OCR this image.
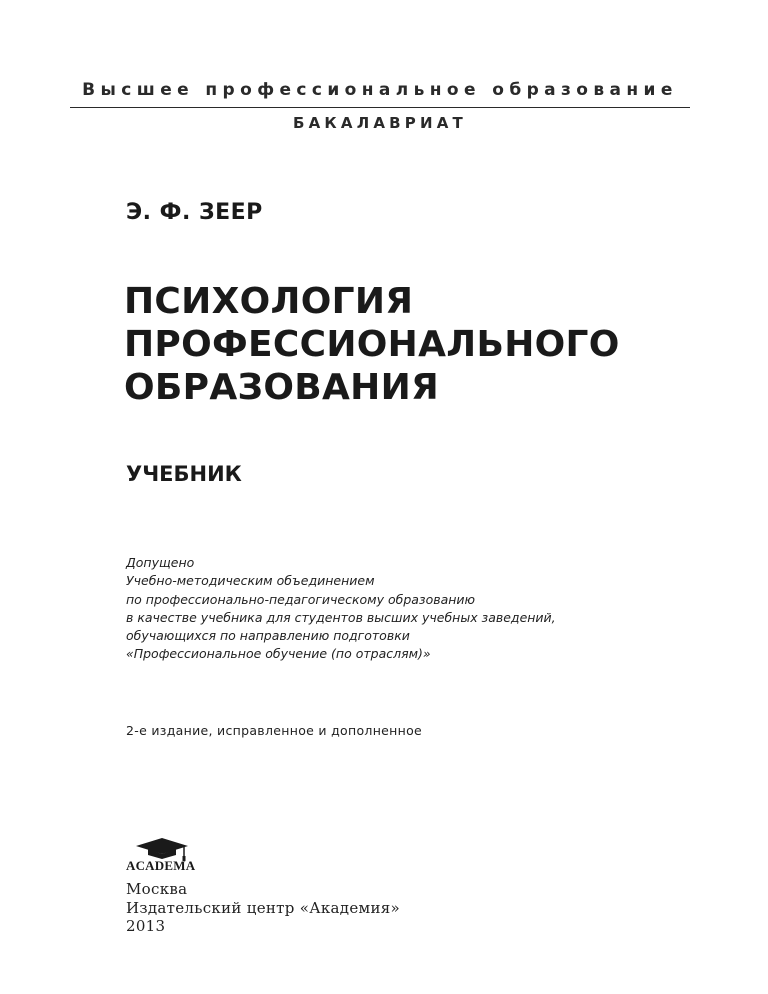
Высшее профессиональное образование
БАКАЛАВРИАТ
Э. Ф. ЗЕЕР
ПСИХОЛОГИЯ
ПРОФЕССИОНАЛЬНОГО
ОБРАЗОВАНИЯ
УЧЕБНИК
Допущено
Учебно-методическим объединением
по профессионально-педагогическому образованию
в качестве учебника для студентов высших учебных заведений,
обучающихся по направлению подготовки
«Профессиональное обучение (по отраслям)»
2-е издание, исправленное и дополненное
ACADEMA
Москва
Издательский центр «Академия»
2013
